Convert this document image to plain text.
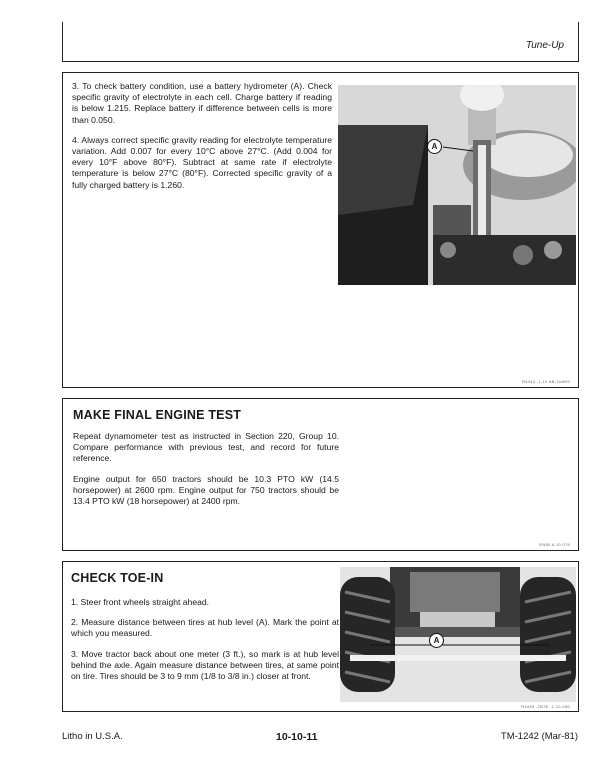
Tune-Up

3. To check battery condition, use a battery hydrometer (A). Check specific gravity of electrolyte in each cell. Charge battery if reading is below 1.215. Replace battery if difference between cells is more than 0.050.

4. Always correct specific gravity reading for electrolyte temperature variation. Add 0.007 for every 10°C above 27°C. (Add 0.004 for every 10°F above 80°F). Subtract at same rate if electrolyte temperature is below 27°C (80°F). Corrected specific gravity of a fully charged battery is 1.260.

A
R4443 -1-10 AB-10AR0
MAKE FINAL ENGINE TEST

Repeat dynamometer test as instructed in Section 220, Group 10. Compare performance with previous test, and record for future reference.

Engine output for 650 tractors should be 10.3 PTO kW (14.5 horsepower) at 2600 rpm. Engine output for 750 tractors should be 13.4 PTO kW (18 horsepower) at 2400 rpm.

EN50 A 10 079
CHECK TOE-IN

1. Steer front wheels straight ahead.

2. Measure distance between tires at hub level (A). Mark the point at which you measured.

3. Move tractor back about one meter (3 ft.), so mark is at hub level behind the axle. Again measure distance between tires, at same point on tire. Tires should be 3 to 9 mm (1/8 to 3/8 in.) closer at front.

A
R4449 -2N7E -1 10-050
Litho in U.S.A.	10-10-11	TM-1242 (Mar-81)
